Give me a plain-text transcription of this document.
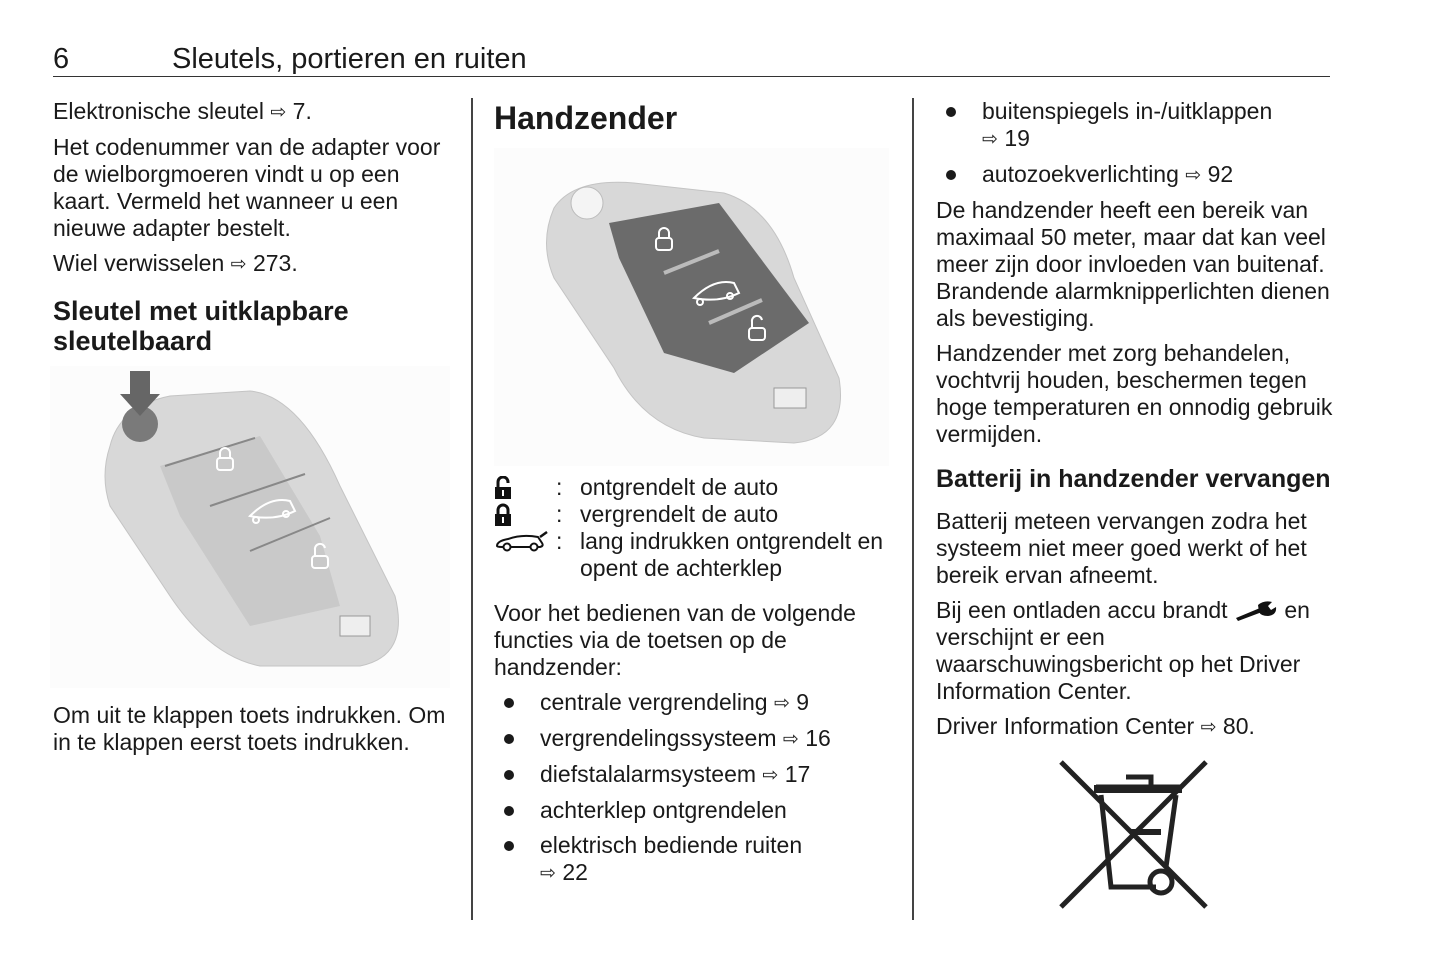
6	Sleutels, portieren en ruiten

Elektronische sleutel ⇨ 7.

Het codenummer van de adapter voor de wielborgmoeren vindt u op een kaart. Vermeld het wanneer u een nieuwe adapter bestelt.

Wiel verwisselen ⇨ 273.

Sleutel met uitklapbare sleutelbaard

Om uit te klappen toets indrukken. Om in te klappen eerst toets indrukken.

Handzender
: ontgrendelt de auto
: vergrendelt de auto
: lang indrukken ontgrendelt en opent de achterklep

Voor het bedienen van de volgende functies via de toetsen op de handzender:

centrale vergrendeling ⇨ 9
vergrendelingssysteem ⇨ 16
diefstalalarmsysteem ⇨ 17
achterklep ontgrendelen
elektrisch bediende ruiten
⇨ 22
buitenspiegels in-/uitklappen
⇨ 19
autozoekverlichting ⇨ 92

De handzender heeft een bereik van maximaal 50 meter, maar dat kan veel meer zijn door invloeden van buitenaf. Brandende alarmknipperlichten dienen als bevestiging.

Handzender met zorg behandelen, vochtvrij houden, beschermen tegen hoge temperaturen en onnodig gebruik vermijden.

Batterij in handzender vervangen

Batterij meteen vervangen zodra het systeem niet meer goed werkt of het bereik ervan afneemt.

Bij een ontladen accu brandt en verschijnt er een waarschuwingsbericht op het Driver Information Center.

Driver Information Center ⇨ 80.
